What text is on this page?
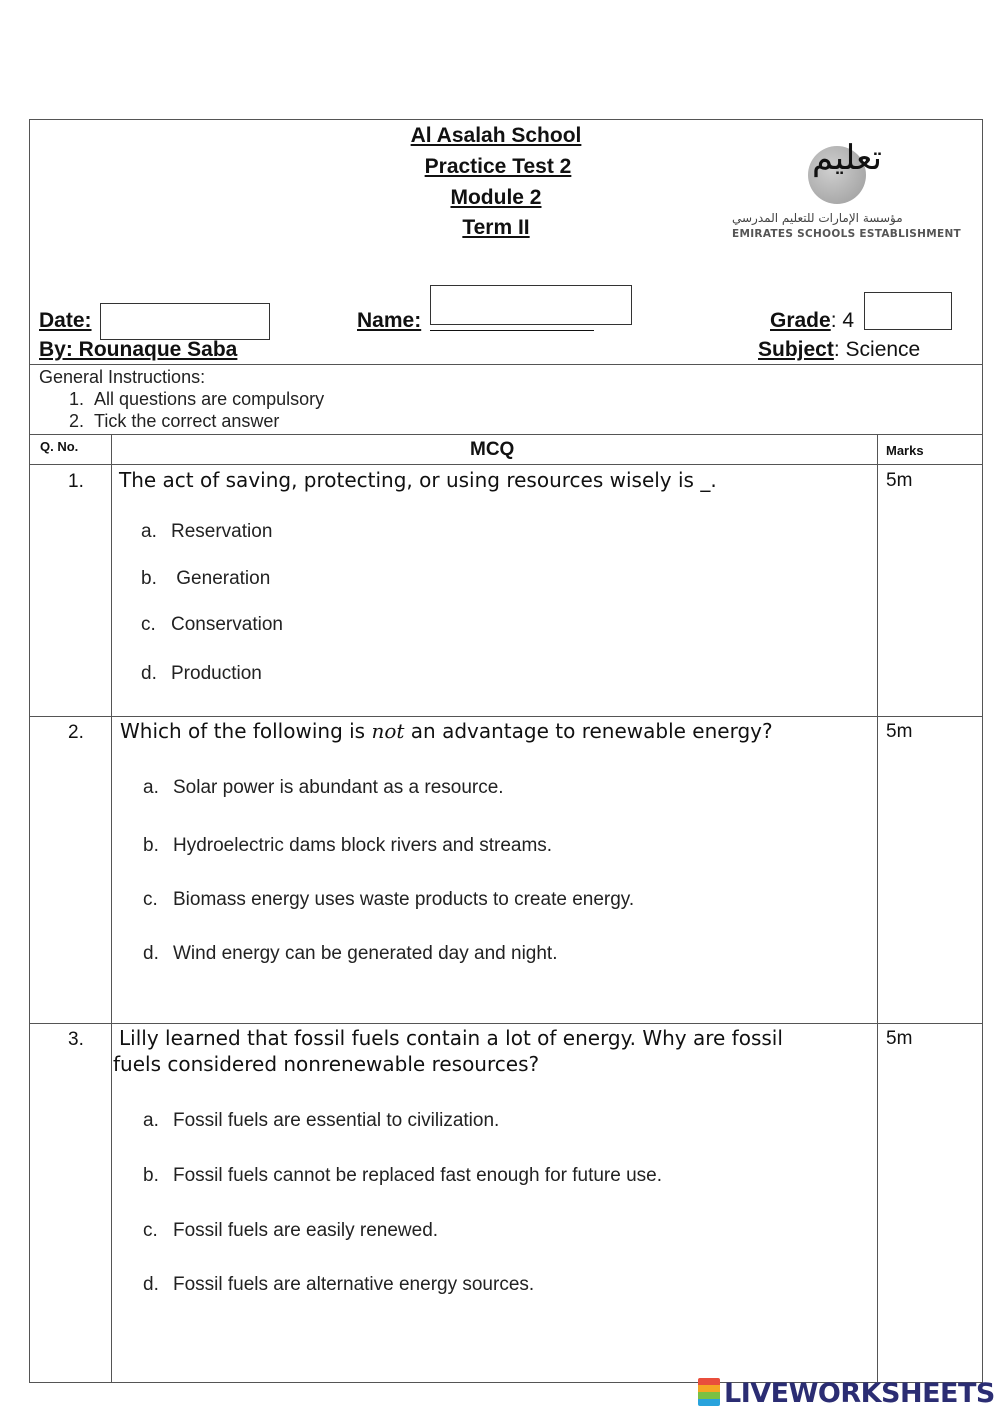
Al Asalah School
Practice Test 2
Module 2
Term II
تعليم
مؤسسة الإمارات للتعليم المدرسي
EMIRATES SCHOOLS ESTABLISHMENT
Date:	Name:	Grade: 4
By: Rounaque Saba	Subject: Science
General Instructions:
1.  All questions are compulsory
2.  Tick the correct answer
Q. No.	MCQ	Marks
1. The act of saving, protecting, or using resources wisely is _.	5m
a. Reservation
b. Generation
c. Conservation
d. Production
2. Which of the following is not an advantage to renewable energy?	5m
a. Solar power is abundant as a resource.
b. Hydroelectric dams block rivers and streams.
c. Biomass energy uses waste products to create energy.
d. Wind energy can be generated day and night.
3. Lilly learned that fossil fuels contain a lot of energy. Why are fossil
fuels considered nonrenewable resources?
5m
a. Fossil fuels are essential to civilization.
b. Fossil fuels cannot be replaced fast enough for future use.
c. Fossil fuels are easily renewed.
d. Fossil fuels are alternative energy sources.
LIVEWORKSHEETS
